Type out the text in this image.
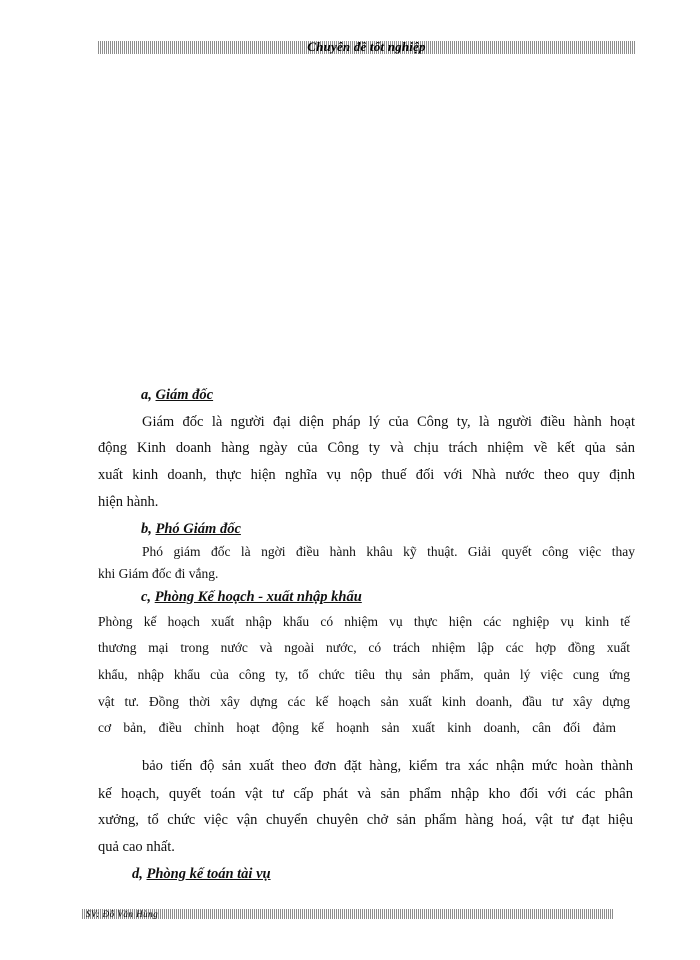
Chuyên đề tốt nghiệp
a, Giám đốc
Giám đốc là người đại diện pháp lý của Công ty, là người điều hành hoạt
động Kinh doanh hàng ngày của Công ty và chịu trách nhiệm về kết qủa sản
xuất kinh doanh, thực hiện nghĩa vụ nộp thuế đối với Nhà nước theo quy định
hiện hành.
b, Phó Giám đốc
Phó giám đốc là ngời điều hành khâu kỹ thuật. Giải quyết công việc thay
khi Giám đốc đi vắng.
c, Phòng Kế hoạch - xuất nhập khẩu
Phòng kế hoạch xuất nhập khẩu có nhiệm vụ thực hiện các nghiệp vụ kinh tế
thương mại trong nước và ngoài nước, có trách nhiệm lập các hợp đồng xuất
khẩu, nhập khẩu của công ty, tổ chức tiêu thụ sản phẩm, quản lý việc cung ứng
vật tư. Đồng thời xây dựng các kế hoạch sản xuất kinh doanh, đầu tư xây dựng
cơ bản, điều chỉnh hoạt động kế hoạnh sản xuất kinh doanh, cân đối đảm
bảo tiến độ sản xuất theo đơn đặt hàng, kiểm tra xác nhận mức hoàn thành
kế hoạch, quyết toán vật tư cấp phát và sản phẩm nhập kho đối với các phân
xưởng, tổ chức việc vận chuyển chuyên chở sản phẩm hàng hoá, vật tư đạt hiệu
quả cao nhất.
d, Phòng kế toán tài vụ
SV: Đỗ Văn Hùng
